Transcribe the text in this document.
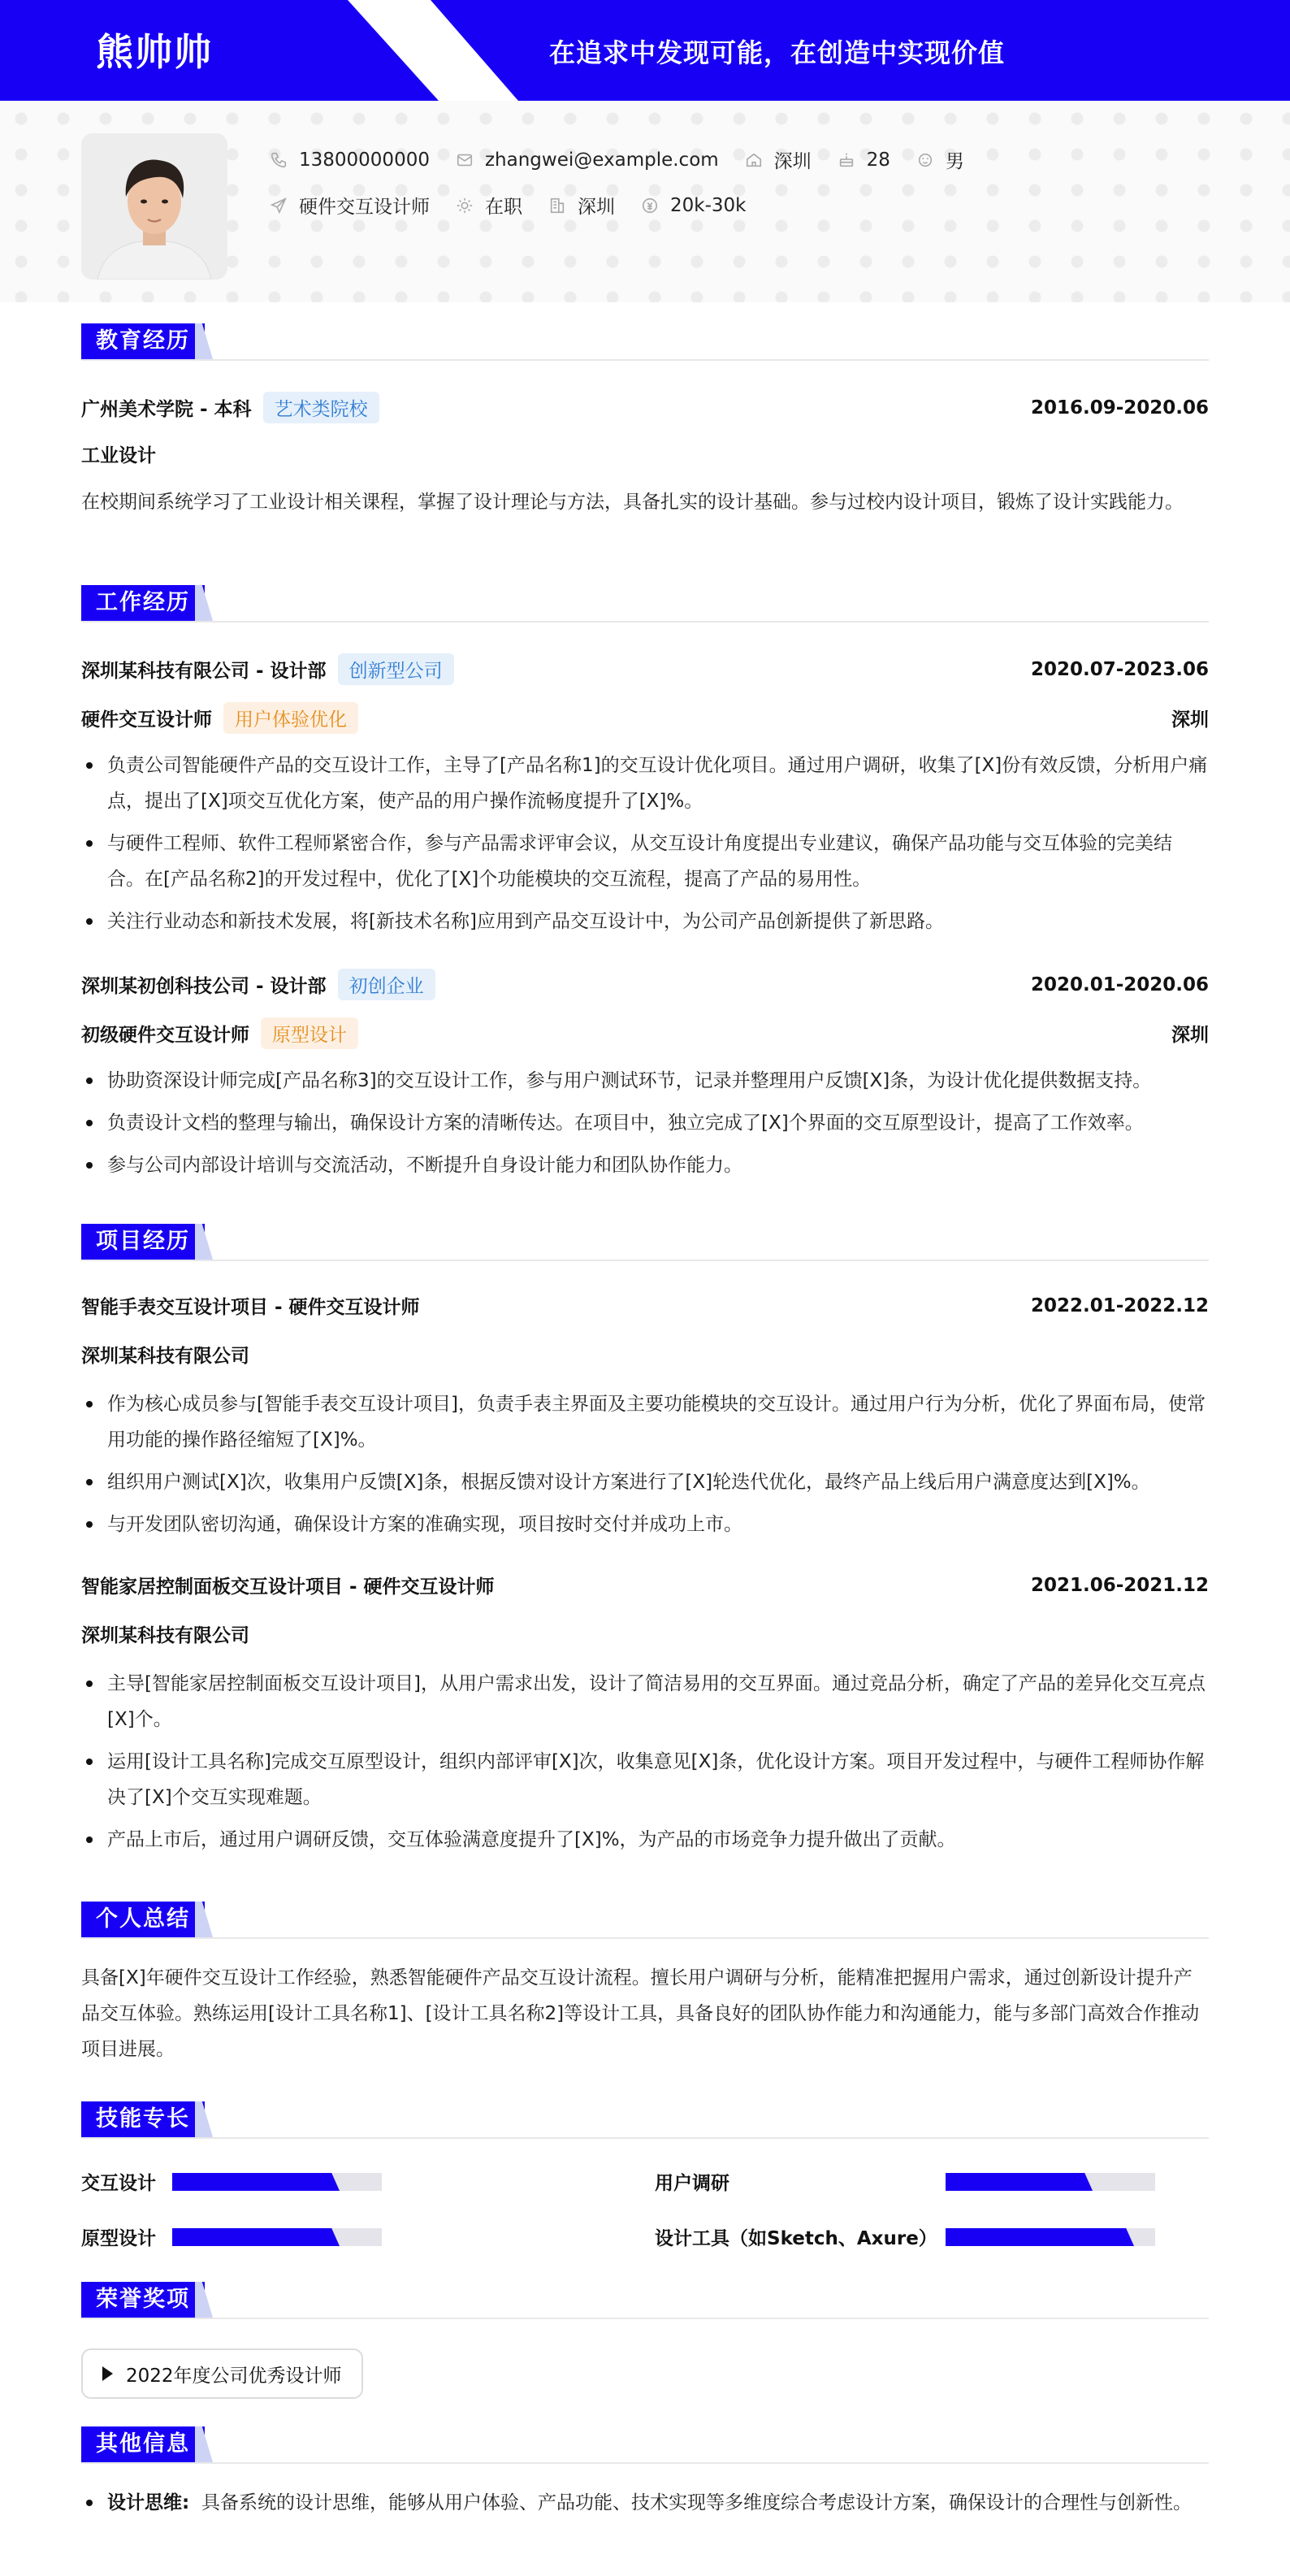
熊帅帅	在追求中发现可能，在创造中实现价值
13800000000	zhangwei@example.com	深圳	28	男
硬件交互设计师	在职	深圳	20k-30k
教育经历
广州美术学院 - 本科	艺术类院校	2016.09-2020.06
工业设计
在校期间系统学习了工业设计相关课程，掌握了设计理论与方法，具备扎实的设计基础。参与过校内设计项目，锻炼了设计实践能力。
工作经历
深圳某科技有限公司 - 设计部	创新型公司	2020.07-2023.06
硬件交互设计师	用户体验优化	深圳
负责公司智能硬件产品的交互设计工作，主导了[产品名称1]的交互设计优化项目。通过用户调研，收集了[X]份有效反馈，分析用户痛点，提出了[X]项交互优化方案，使产品的用户操作流畅度提升了[X]%。
与硬件工程师、软件工程师紧密合作，参与产品需求评审会议，从交互设计角度提出专业建议，确保产品功能与交互体验的完美结合。在[产品名称2]的开发过程中，优化了[X]个功能模块的交互流程，提高了产品的易用性。
关注行业动态和新技术发展，将[新技术名称]应用到产品交互设计中，为公司产品创新提供了新思路。
深圳某初创科技公司 - 设计部	初创企业	2020.01-2020.06
初级硬件交互设计师	原型设计	深圳
协助资深设计师完成[产品名称3]的交互设计工作，参与用户测试环节，记录并整理用户反馈[X]条，为设计优化提供数据支持。
负责设计文档的整理与输出，确保设计方案的清晰传达。在项目中，独立完成了[X]个界面的交互原型设计，提高了工作效率。
参与公司内部设计培训与交流活动，不断提升自身设计能力和团队协作能力。
项目经历
智能手表交互设计项目 - 硬件交互设计师	2022.01-2022.12
深圳某科技有限公司
作为核心成员参与[智能手表交互设计项目]，负责手表主界面及主要功能模块的交互设计。通过用户行为分析，优化了界面布局，使常用功能的操作路径缩短了[X]%。
组织用户测试[X]次，收集用户反馈[X]条，根据反馈对设计方案进行了[X]轮迭代优化，最终产品上线后用户满意度达到[X]%。
与开发团队密切沟通，确保设计方案的准确实现，项目按时交付并成功上市。
智能家居控制面板交互设计项目 - 硬件交互设计师	2021.06-2021.12
深圳某科技有限公司
主导[智能家居控制面板交互设计项目]，从用户需求出发，设计了简洁易用的交互界面。通过竞品分析，确定了产品的差异化交互亮点[X]个。
运用[设计工具名称]完成交互原型设计，组织内部评审[X]次，收集意见[X]条，优化设计方案。项目开发过程中，与硬件工程师协作解决了[X]个交互实现难题。
产品上市后，通过用户调研反馈，交互体验满意度提升了[X]%，为产品的市场竞争力提升做出了贡献。
个人总结
具备[X]年硬件交互设计工作经验，熟悉智能硬件产品交互设计流程。擅长用户调研与分析，能精准把握用户需求，通过创新设计提升产品交互体验。熟练运用[设计工具名称1]、[设计工具名称2]等设计工具，具备良好的团队协作能力和沟通能力，能与多部门高效合作推动项目进展。
技能专长
交互设计	用户调研
原型设计	设计工具（如Sketch、Axure）
荣誉奖项
2022年度公司优秀设计师
其他信息
设计思维: 具备系统的设计思维，能够从用户体验、产品功能、技术实现等多维度综合考虑设计方案，确保设计的合理性与创新性。
